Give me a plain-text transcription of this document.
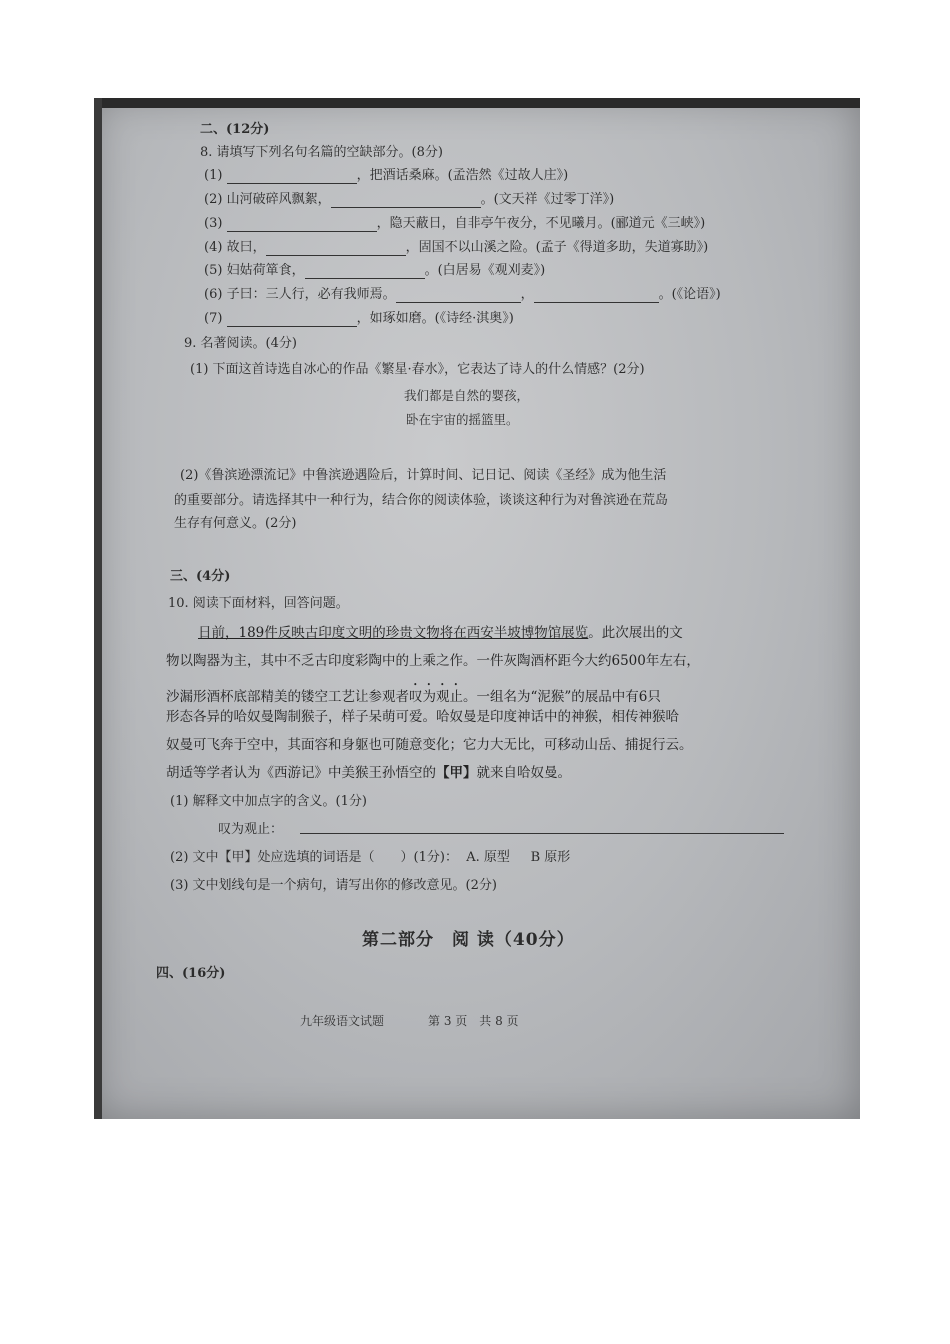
二、(12分)
8. 请填写下列名句名篇的空缺部分。(8分)
(1)	，把酒话桑麻。(孟浩然《过故人庄》)
(2) 山河破碎风飘絮，	。(文天祥《过零丁洋》)
(3)	，隐天蔽日，自非亭午夜分，不见曦月。(郦道元《三峡》)
(4) 故曰，	，固国不以山溪之险。(孟子《得道多助，失道寡助》)
(5) 妇姑荷箪食，	。(白居易《观刈麦》)
(6) 子曰：三人行，必有我师焉。	，	。(《论语》)
(7)	，如琢如磨。(《诗经·淇奥》)
9. 名著阅读。(4分)
(1) 下面这首诗选自冰心的作品《繁星·春水》，它表达了诗人的什么情感？(2分)
我们都是自然的婴孩，
卧在宇宙的摇篮里。
(2)《鲁滨逊漂流记》中鲁滨逊遇险后，计算时间、记日记、阅读《圣经》成为他生活
的重要部分。请选择其中一种行为，结合你的阅读体验，谈谈这种行为对鲁滨逊在荒岛
生存有何意义。(2分)
三、(4分)
10. 阅读下面材料，回答问题。
日前，189件反映古印度文明的珍贵文物将在西安半坡博物馆展览。此次展出的文
物以陶器为主，其中不乏古印度彩陶中的上乘之作。一件灰陶酒杯距今大约6500年左右，
沙漏形酒杯底部精美的镂空工艺让参观者叹为观止。一组名为“泥猴”的展品中有6只
形态各异的哈奴曼陶制猴子，样子呆萌可爱。哈奴曼是印度神话中的神猴，相传神猴哈
奴曼可飞奔于空中，其面容和身躯也可随意变化；它力大无比，可移动山岳、捕捉行云。
胡适等学者认为《西游记》中美猴王孙悟空的【甲】就来自哈奴曼。
(1) 解释文中加点字的含义。(1分)
叹为观止：
(2) 文中【甲】处应选填的词语是（　　）(1分)： A. 原型 B 原形
(3) 文中划线句是一个病句，请写出你的修改意见。(2分)
第二部分　阅 读（40分）
四、(16分)
九年级语文试题	第 3 页　共 8 页
